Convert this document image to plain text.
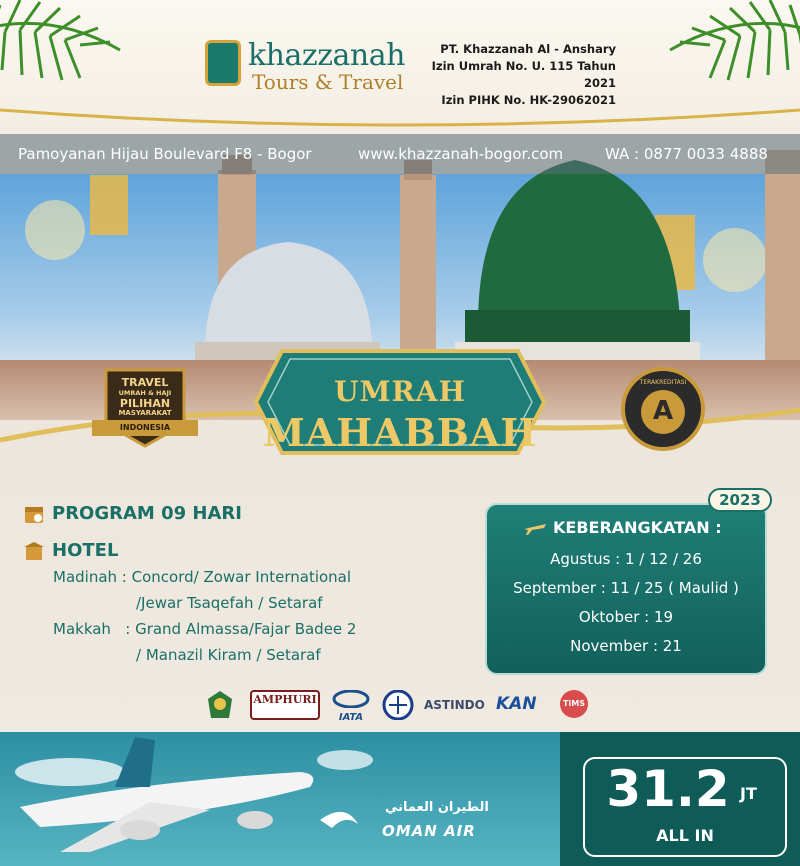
khazzanah
Tours & Travel
PT. Khazzanah Al - Anshary
Izin Umrah No. U. 115 Tahun 2021
Izin PIHK No. HK-29062021
Pamoyanan Hijau Boulevard F8 - Bogor	www.khazzanah-bogor.com	WA : 0877 0033 4888
TRAVEL
UMRAH & HAJI
PILIHAN
MASYARAKAT
INDONESIA
TERAKREDITASI
A
UMRAH
MAHABBAH
PROGRAM 09 HARI
HOTEL
Madinah : Concord/ Zowar International
/Jewar Tsaqefah / Setaraf
Makkah   : Grand Almassa/Fajar Badee 2
/ Manazil Kiram / Setaraf
2023
KEBERANGKATAN :
Agustus : 1 / 12 / 26
September : 11 / 25 ( Maulid )
Oktober : 19
November : 21
AMPHURI
IATA
ASTINDO KAN	TiMS
الطيران العماني
OMAN AIR
31.2 JT
ALL IN
